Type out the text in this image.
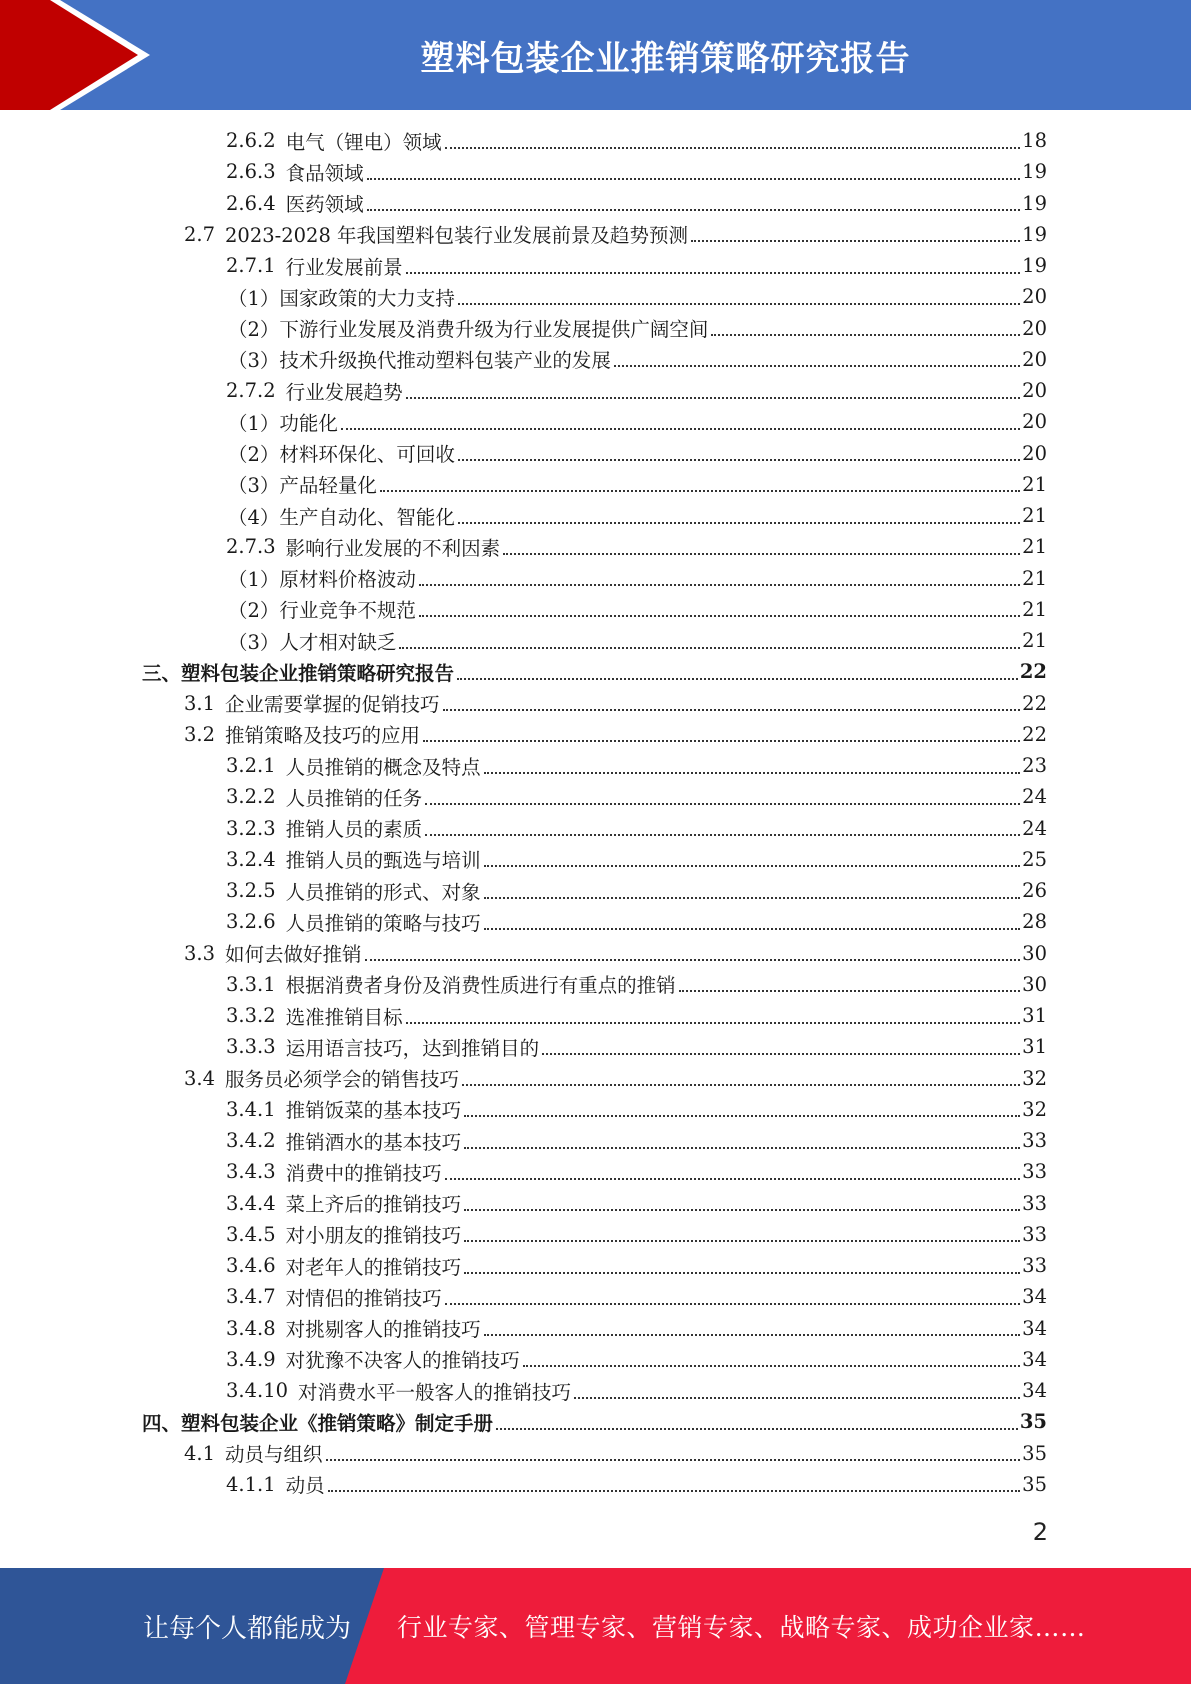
塑料包装企业推销策略研究报告
2.6.2 电气（锂电）领域	18
2.6.3 食品领域	19
2.6.4 医药领域	19
2.7 2023-2028 年我国塑料包装行业发展前景及趋势预测	19
2.7.1 行业发展前景	19
（1） 国家政策的大力支持	20
（2） 下游行业发展及消费升级为行业发展提供广阔空间	20
（3） 技术升级换代推动塑料包装产业的发展	20
2.7.2 行业发展趋势	20
（1） 功能化	20
（2） 材料环保化、可回收	20
（3） 产品轻量化	21
（4） 生产自动化、智能化	21
2.7.3 影响行业发展的不利因素	21
（1） 原材料价格波动	21
（2） 行业竞争不规范	21
（3） 人才相对缺乏	21
三、 塑料包装企业推销策略研究报告	22
3.1 企业需要掌握的促销技巧	22
3.2 推销策略及技巧的应用	22
3.2.1 人员推销的概念及特点	23
3.2.2 人员推销的任务	24
3.2.3 推销人员的素质	24
3.2.4 推销人员的甄选与培训	25
3.2.5 人员推销的形式、对象	26
3.2.6 人员推销的策略与技巧	28
3.3 如何去做好推销	30
3.3.1 根据消费者身份及消费性质进行有重点的推销	30
3.3.2 选准推销目标	31
3.3.3 运用语言技巧，达到推销目的	31
3.4 服务员必须学会的销售技巧	32
3.4.1 推销饭菜的基本技巧	32
3.4.2 推销酒水的基本技巧	33
3.4.3 消费中的推销技巧	33
3.4.4 菜上齐后的推销技巧	33
3.4.5 对小朋友的推销技巧	33
3.4.6 对老年人的推销技巧	33
3.4.7 对情侣的推销技巧	34
3.4.8 对挑剔客人的推销技巧	34
3.4.9 对犹豫不决客人的推销技巧	34
3.4.10 对消费水平一般客人的推销技巧	34
四、 塑料包装企业《推销策略》制定手册	35
4.1 动员与组织	35
4.1.1 动员	35
2
让每个人都能成为 行业专家、管理专家、营销专家、战略专家、成功企业家……
